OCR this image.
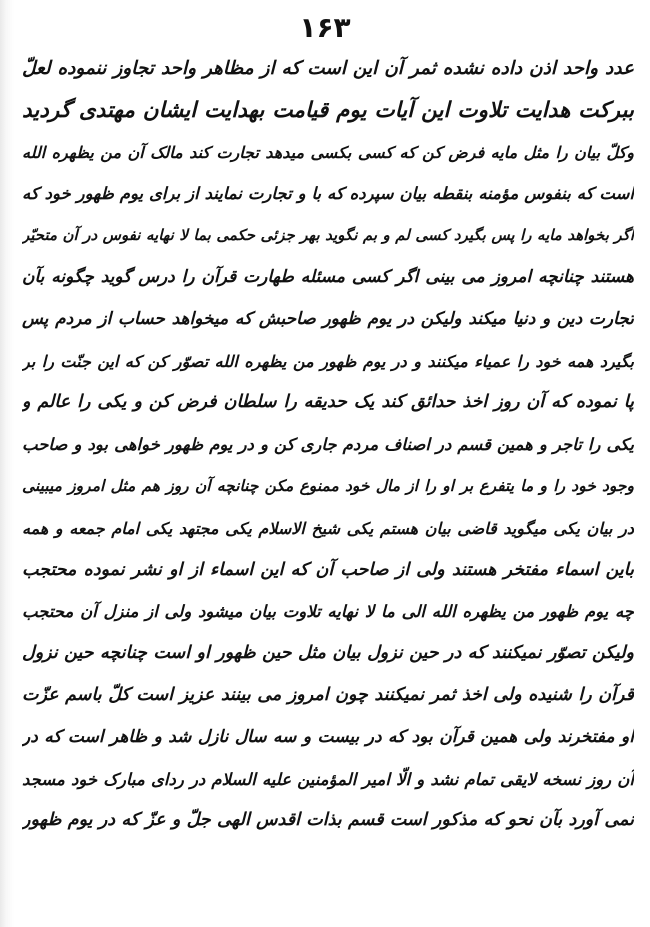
۱۶۳
عدد واحد اذن داده نشده ثمر آن این است که از مظاهر واحد تجاوز ننموده لعلّ
ببرکت هدایت تلاوت این آیات یوم قیامت بهدایت ایشان مهتدی گردید
وکلّ بیان را مثل مایه فرض کن که کسی بکسی میدهد تجارت کند مالک آن من یظهره الله
است که بنفوس مؤمنه بنقطه بیان سپرده که با و تجارت نمایند از برای یوم ظهور خود که
اگر بخواهد مایه را پس بگیرد کسی لم و بم نگوید بهر جزئی حکمی بما لا نهایه نفوس در آن متحیّر
هستند چنانچه امروز می بینی اگر کسی مسئله طهارت قرآن را درس گوید چگونه بآن
تجارت دین و دنیا میکند ولیکن در یوم ظهور صاحبش که میخواهد حساب از مردم پس
بگیرد همه خود را عمیاء میکنند و در یوم ظهور من یظهره الله تصوّر کن که این جنّت را بر
پا نموده که آن روز اخذ حدائق کند یک حدیقه را سلطان فرض کن و یکی را عالم و
یکی را تاجر و همین قسم در اصناف مردم جاری کن و در یوم ظهور خواهی بود و صاحب
وجود خود را و ما یتفرع بر او را از مال خود ممنوع مکن چنانچه آن روز هم مثل امروز میبینی
در بیان یکی میگوید قاضی بیان هستم یکی شیخ الاسلام یکی مجتهد یکی امام جمعه و همه
باین اسماء مفتخر هستند ولی از صاحب آن که این اسماء از او نشر نموده محتجب
چه یوم ظهور من یظهره الله الی ما لا نهایه تلاوت بیان میشود ولی از منزل آن محتجب
ولیکن تصوّر نمیکنند که در حین نزول بیان مثل حین ظهور او است چنانچه حین نزول
قرآن را شنیده ولی اخذ ثمر نمیکنند چون امروز می بینند عزیز است کلّ باسم عزّت
او مفتخرند ولی همین قرآن بود که در بیست و سه سال نازل شد و ظاهر است که در
آن روز نسخه لایقی تمام نشد و الّا امیر المؤمنین علیه السلام در ردای مبارک خود مسجد
نمی آورد بآن نحو که مذکور است قسم بذات اقدس الهی جلّ و عزّ که در یوم ظهور
